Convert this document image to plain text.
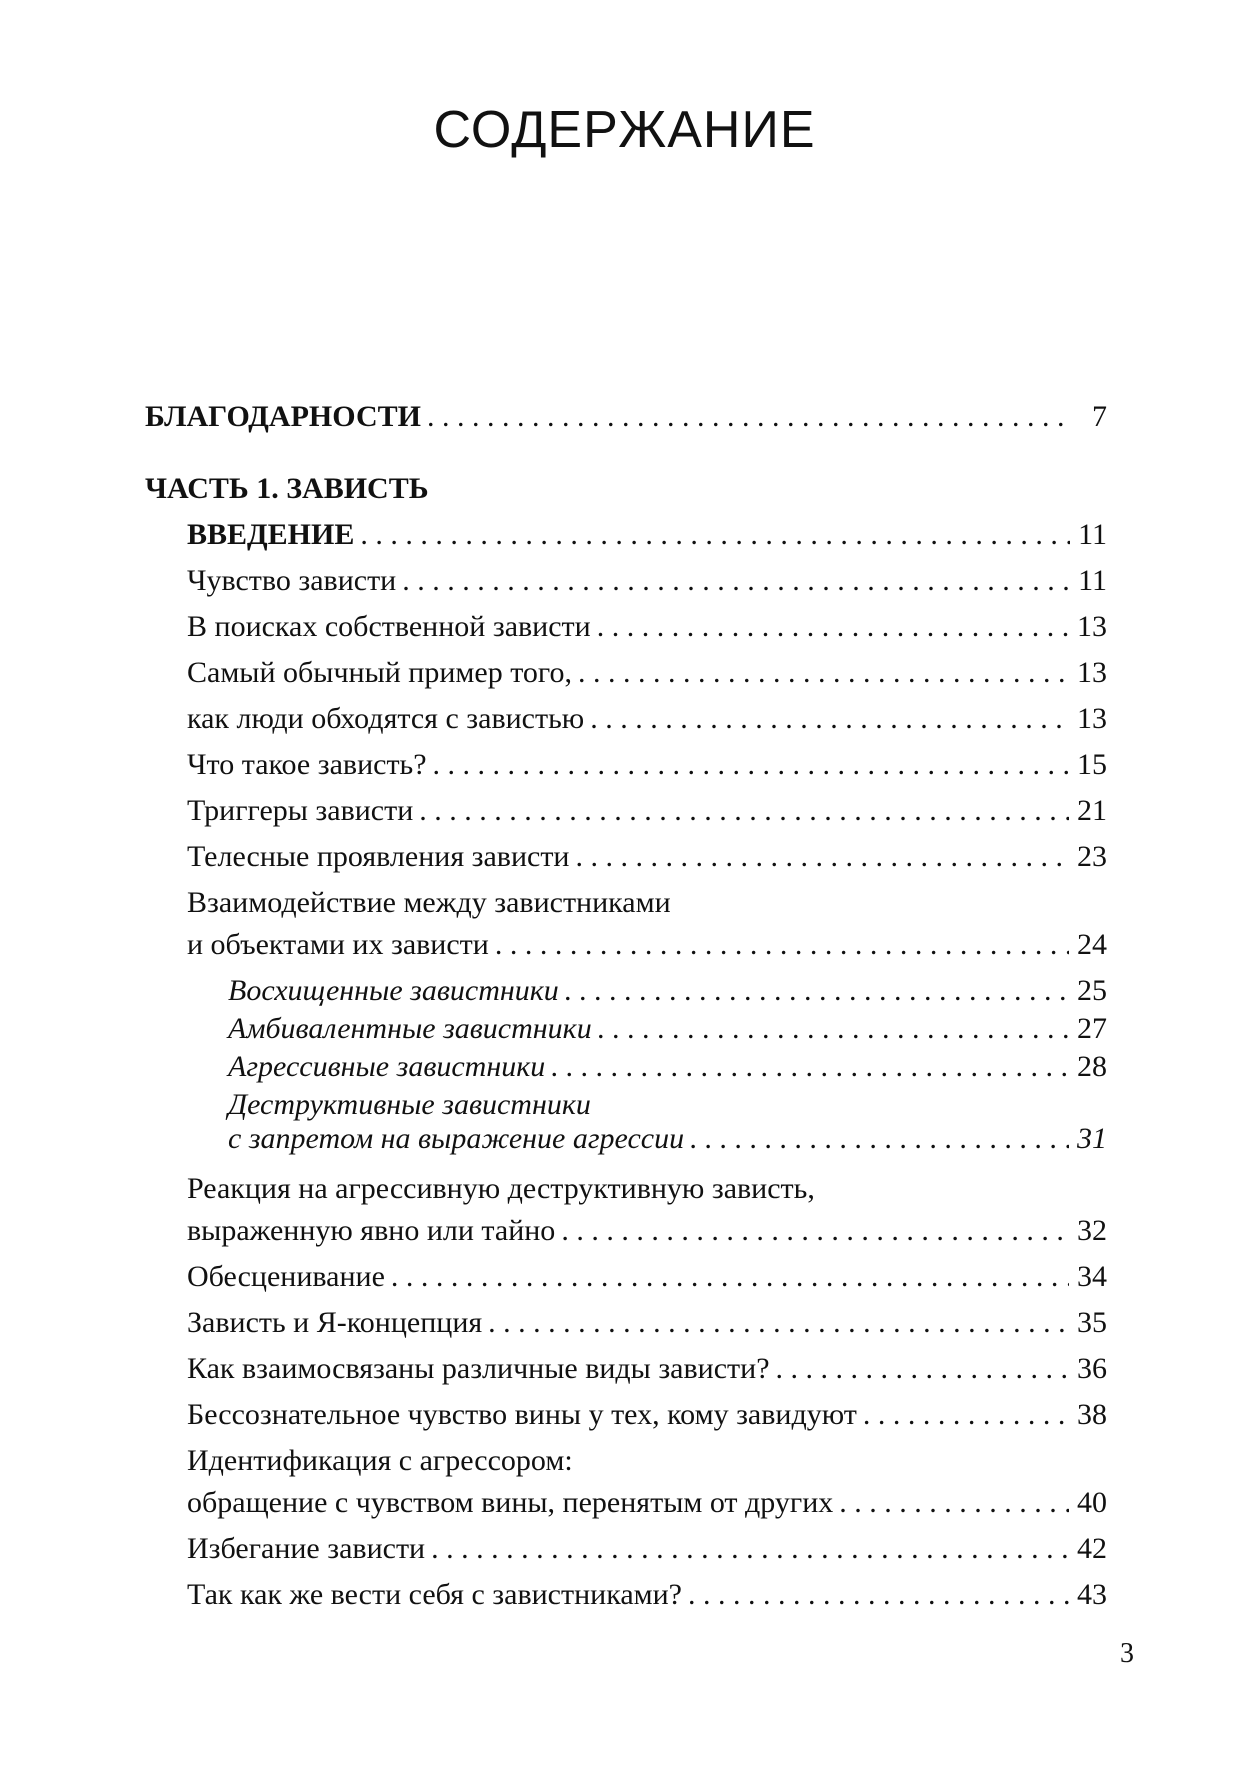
СОДЕРЖАНИЕ
БЛАГОДАРНОСТИ . . .	7
ЧАСТЬ 1. ЗАВИСТЬ
ВВЕДЕНИЕ . . .	11
Чувство зависти . . .	11
В поисках собственной зависти . . .	13
Самый обычный пример того, . . .	13
как люди обходятся с завистью . . .	13
Что такое зависть? . . .	15
Триггеры зависти . . .	21
Телесные проявления зависти . . .	23
Взаимодействие между завистниками
и объектами их зависти . . .	24
Восхищенные завистники . . .	25
Амбивалентные завистники . . .	27
Агрессивные завистники . . .	28
Деструктивные завистники
с запретом на выражение агрессии . . .	31
Реакция на агрессивную деструктивную зависть,
выраженную явно или тайно . . .	32
Обесценивание . . .	34
Зависть и Я-концепция . . .	35
Как взаимосвязаны различные виды зависти? . . .	36
Бессознательное чувство вины у тех, кому завидуют . . .	38
Идентификация с агрессором:
обращение с чувством вины, перенятым от других . . .	40
Избегание зависти . . .	42
Так как же вести себя с завистниками? . . .	43
3
